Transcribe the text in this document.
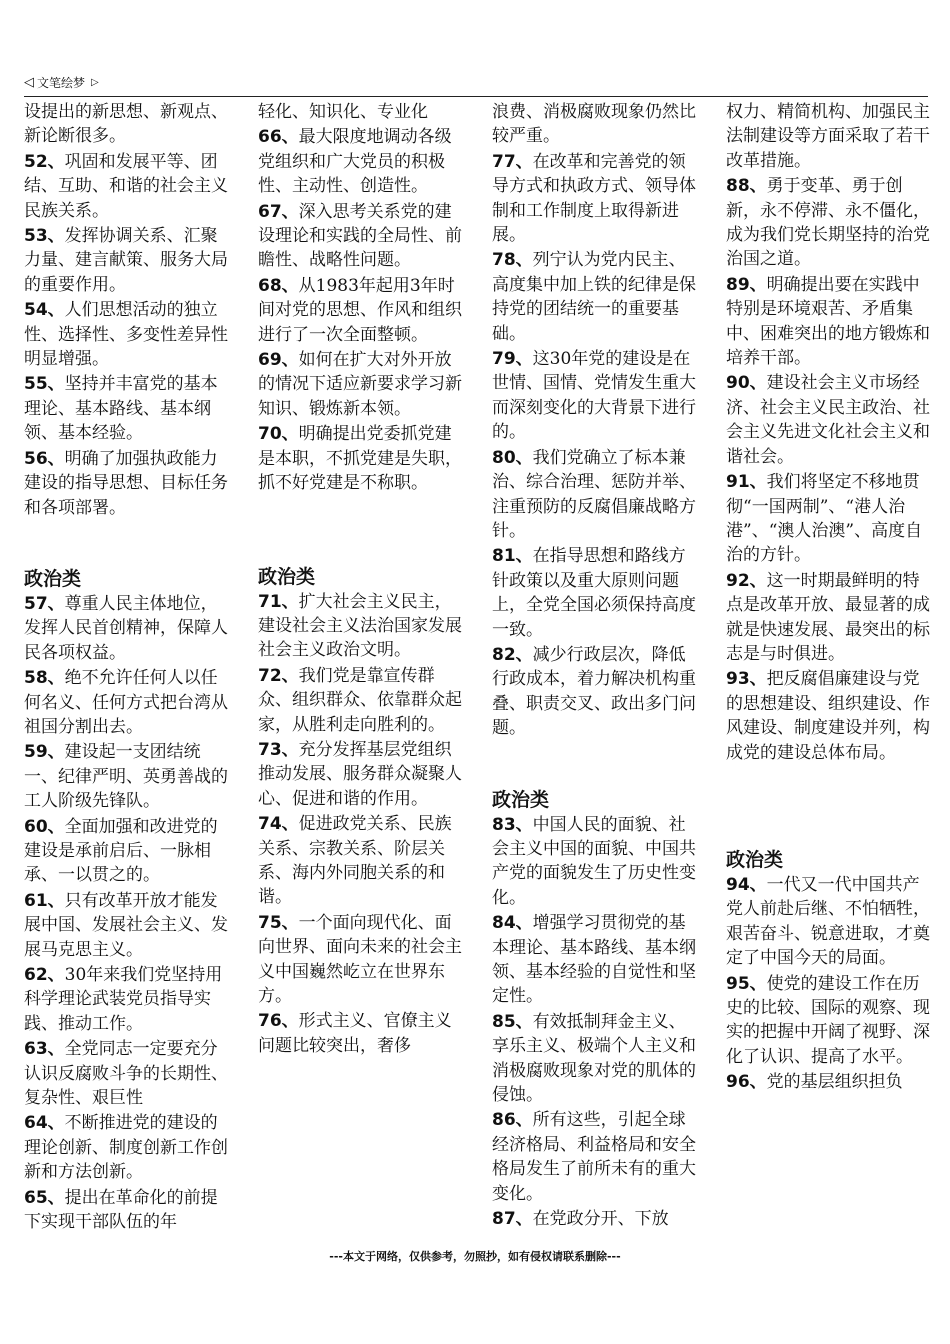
◁ 文笔绘梦 ▷
设提出的新思想、新观点、新论断很多。
52、巩固和发展平等、团结、互助、和谐的社会主义民族关系。
53、发挥协调关系、汇聚力量、建言献策、服务大局的重要作用。
54、人们思想活动的独立性、选择性、多变性差异性明显增强。
55、坚持并丰富党的基本理论、基本路线、基本纲领、基本经验。
56、明确了加强执政能力建设的指导思想、目标任务和各项部署。
政治类
57、尊重人民主体地位，发挥人民首创精神，保障人民各项权益。
58、绝不允许任何人以任何名义、任何方式把台湾从祖国分割出去。
59、建设起一支团结统一、纪律严明、英勇善战的工人阶级先锋队。
60、全面加强和改进党的建设是承前启后、一脉相承、一以贯之的。
61、只有改革开放才能发展中国、发展社会主义、发展马克思主义。
62、30年来我们党坚持用科学理论武装党员指导实践、推动工作。
63、全党同志一定要充分认识反腐败斗争的长期性、复杂性、艰巨性
64、不断推进党的建设的理论创新、制度创新工作创新和方法创新。
65、提出在革命化的前提下实现干部队伍的年
轻化、知识化、专业化
66、最大限度地调动各级党组织和广大党员的积极性、主动性、创造性。
67、深入思考关系党的建设理论和实践的全局性、前瞻性、战略性问题。
68、从1983年起用3年时间对党的思想、作风和组织进行了一次全面整顿。
69、如何在扩大对外开放的情况下适应新要求学习新知识、锻炼新本领。
70、明确提出党委抓党建是本职，不抓党建是失职，抓不好党建是不称职。
政治类
71、扩大社会主义民主，建设社会主义法治国家发展社会主义政治文明。
72、我们党是靠宣传群众、组织群众、依靠群众起家，从胜利走向胜利的。
73、充分发挥基层党组织推动发展、服务群众凝聚人心、促进和谐的作用。
74、促进政党关系、民族关系、宗教关系、阶层关系、海内外同胞关系的和谐。
75、一个面向现代化、面向世界、面向未来的社会主义中国巍然屹立在世界东方。
76、形式主义、官僚主义问题比较突出，奢侈
浪费、消极腐败现象仍然比较严重。
77、在改革和完善党的领导方式和执政方式、领导体制和工作制度上取得新进展。
78、列宁认为党内民主、高度集中加上铁的纪律是保持党的团结统一的重要基础。
79、这30年党的建设是在世情、国情、党情发生重大而深刻变化的大背景下进行的。
80、我们党确立了标本兼治、综合治理、惩防并举、注重预防的反腐倡廉战略方针。
81、在指导思想和路线方针政策以及重大原则问题上，全党全国必须保持高度一致。
82、减少行政层次，降低行政成本，着力解决机构重叠、职责交叉、政出多门问题。
政治类
83、中国人民的面貌、社会主义中国的面貌、中国共产党的面貌发生了历史性变化。
84、增强学习贯彻党的基本理论、基本路线、基本纲领、基本经验的自觉性和坚定性。
85、有效抵制拜金主义、享乐主义、极端个人主义和消极腐败现象对党的肌体的侵蚀。
86、所有这些，引起全球经济格局、利益格局和安全格局发生了前所未有的重大变化。
87、在党政分开、下放
权力、精简机构、加强民主法制建设等方面采取了若干改革措施。
88、勇于变革、勇于创新，永不停滞、永不僵化，成为我们党长期坚持的治党治国之道。
89、明确提出要在实践中特别是环境艰苦、矛盾集中、困难突出的地方锻炼和培养干部。
90、建设社会主义市场经济、社会主义民主政治、社会主义先进文化社会主义和谐社会。
91、我们将坚定不移地贯彻“一国两制”、“港人治港”、“澳人治澳”、高度自治的方针。
92、这一时期最鲜明的特点是改革开放、最显著的成就是快速发展、最突出的标志是与时俱进。
93、把反腐倡廉建设与党的思想建设、组织建设、作风建设、制度建设并列，构成党的建设总体布局。
政治类
94、一代又一代中国共产党人前赴后继、不怕牺牲，艰苦奋斗、锐意进取，才奠定了中国今天的局面。
95、使党的建设工作在历史的比较、国际的观察、现实的把握中开阔了视野、深化了认识、提高了水平。
96、党的基层组织担负
---本文于网络，仅供参考，勿照抄，如有侵权请联系删除---
